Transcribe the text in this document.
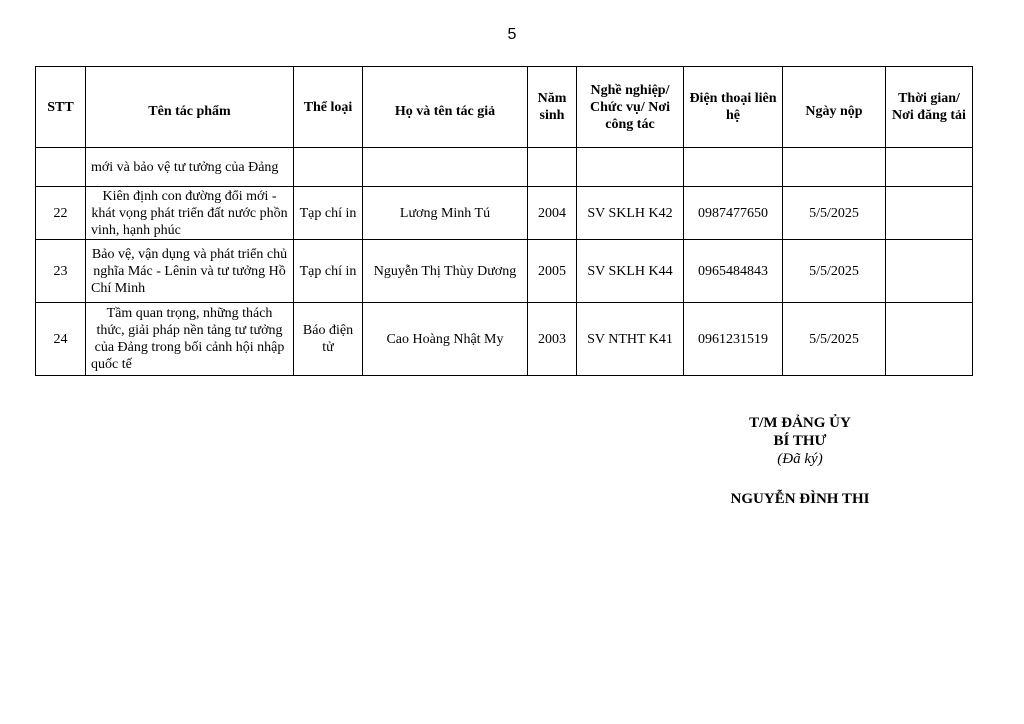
5
STT	Tên tác phẩm	Thể loại	Họ và tên tác giả	Năm sinh	Nghề nghiệp/ Chức vụ/ Nơi công tác	Điện thoại liên hệ	Ngày nộp	Thời gian/ Nơi đăng tải
	mới và bảo vệ tư tưởng của Đảng							
22	Kiên định con đường đổi mới - khát vọng phát triển đất nước phồn vinh, hạnh phúc	Tạp chí in	Lương Minh Tú	2004	SV SKLH K42	0987477650	5/5/2025	
23	Bảo vệ, vận dụng và phát triển chủ nghĩa Mác - Lênin và tư tưởng Hồ Chí Minh	Tạp chí in	Nguyễn Thị Thùy Dương	2005	SV SKLH K44	0965484843	5/5/2025	
24	Tầm quan trọng, những thách thức, giải pháp nền tảng tư tưởng của Đảng trong bối cảnh hội nhập quốc tế	Báo điện tử	Cao Hoàng Nhật My	2003	SV NTHT K41	0961231519	5/5/2025	
T/M ĐẢNG ỦY
BÍ THƯ
(Đã ký)
NGUYỄN ĐÌNH THI
